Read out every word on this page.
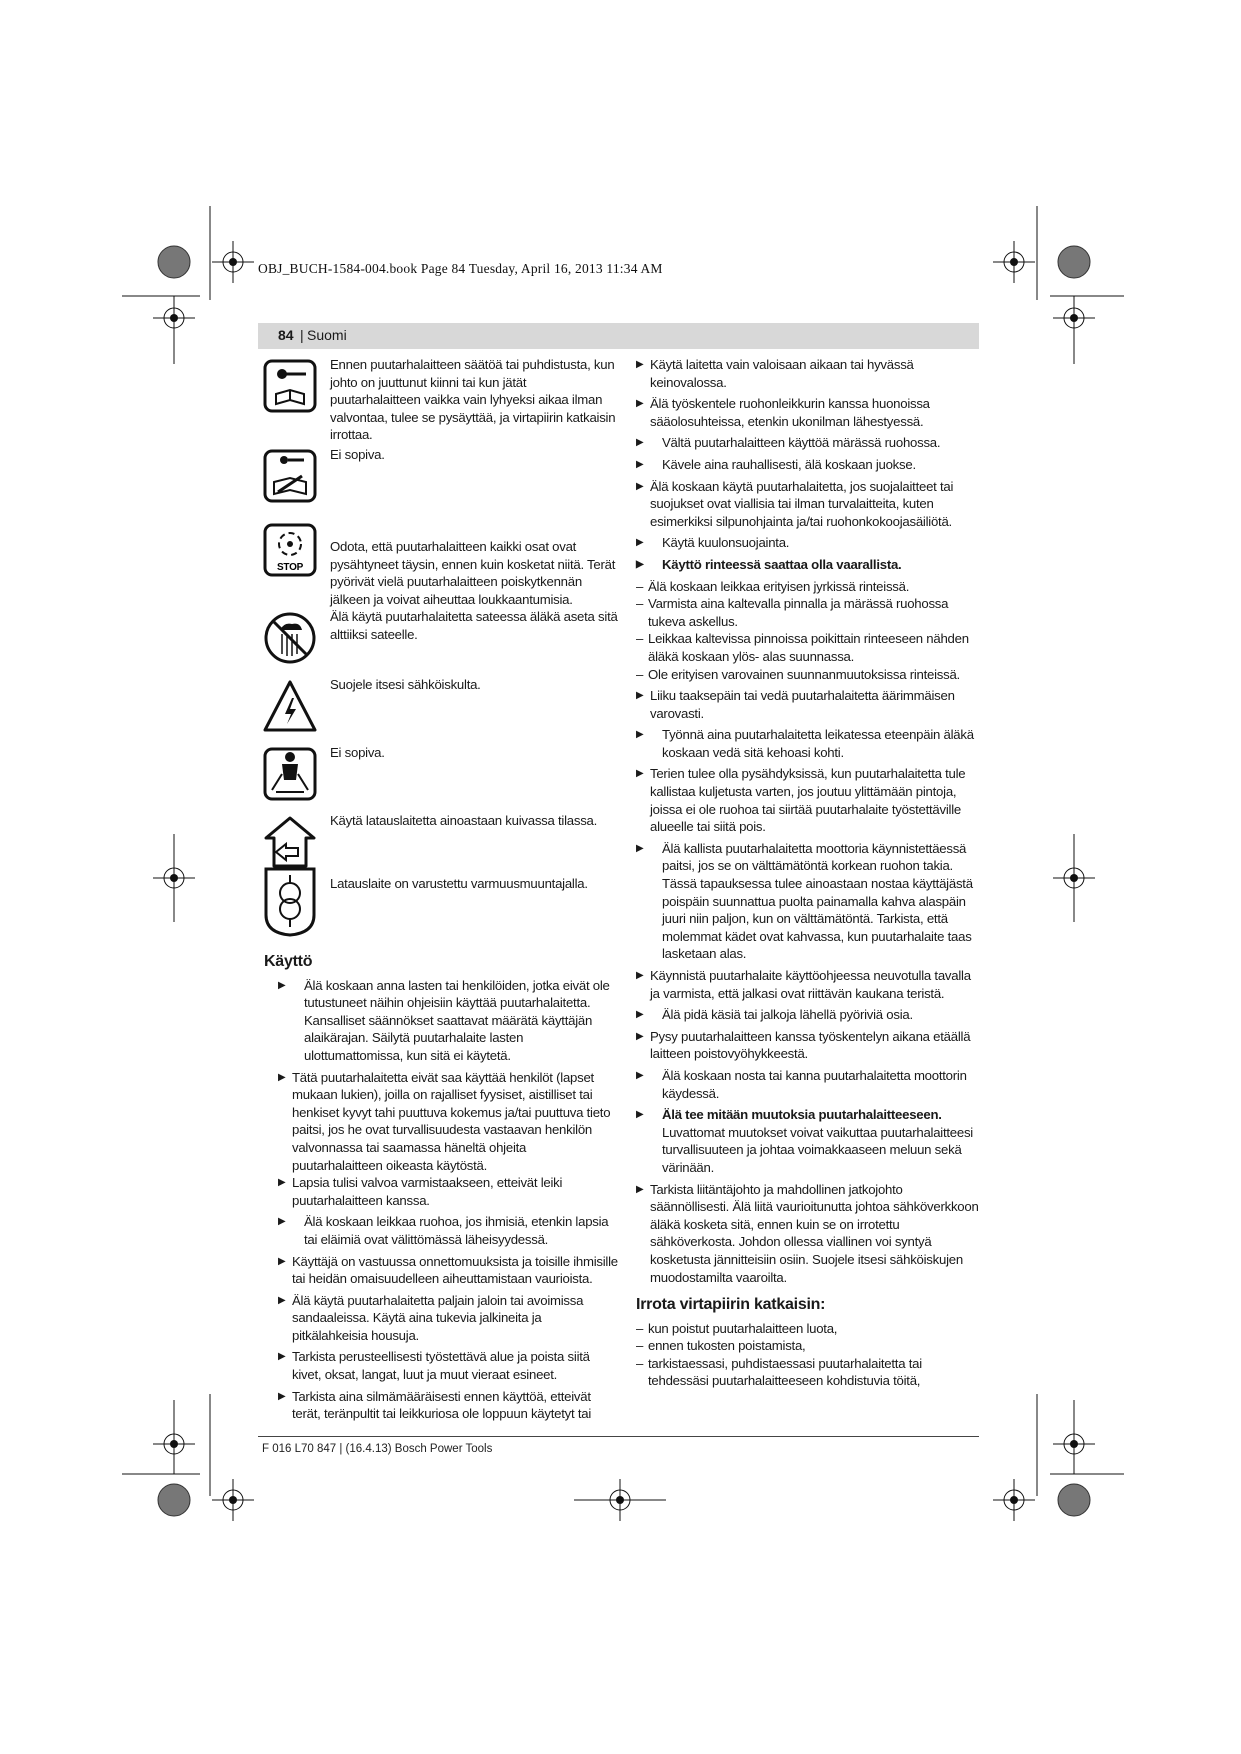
OBJ_BUCH-1584-004.book Page 84 Tuesday, April 16, 2013 11:34 AM
84 | Suomi
Ennen puutarhalaitteen säätöä tai puhdistusta, kun johto on juuttunut kiinni tai kun jätät puutarhalaitteen vaikka vain lyhyeksi aikaa ilman valvontaa, tulee se pysäyttää, ja virtapiirin katkaisin irrottaa.
Ei sopiva.
STOP
Odota, että puutarhalaitteen kaikki osat ovat pysähtyneet täysin, ennen kuin kosketat niitä. Terät pyörivät vielä puutarhalaitteen poiskytkennän jälkeen ja voivat aiheuttaa loukkaantumisia.
Älä käytä puutarhalaitetta sateessa äläkä aseta sitä alttiiksi sateelle.
Suojele itsesi sähköiskulta.
Ei sopiva.
Käytä latauslaitetta ainoastaan kuivassa tilassa.
Latauslaite on varustettu varmuusmuuntajalla.
Käyttö
▶ Älä koskaan anna lasten tai henkilöiden, jotka eivät ole tutustuneet näihin ohjeisiin käyttää puutarhalaitetta. Kansalliset säännökset saattavat määrätä käyttäjän alaikärajan. Säilytä puutarhalaite lasten ulottumattomissa, kun sitä ei käytetä.
▶ Tätä puutarhalaitetta eivät saa käyttää henkilöt (lapset mukaan lukien), joilla on rajalliset fyysiset, aistilliset tai henkiset kyvyt tahi puuttuva kokemus ja/tai puuttuva tieto paitsi, jos he ovat turvallisuudesta vastaavan henkilön valvonnassa tai saamassa häneltä ohjeita puutarhalaitteen oikeasta käytöstä.
▶ Lapsia tulisi valvoa varmistaakseen, etteivät leiki puutarhalaitteen kanssa.
▶ Älä koskaan leikkaa ruohoa, jos ihmisiä, etenkin lapsia tai eläimiä ovat välittömässä läheisyydessä.
▶ Käyttäjä on vastuussa onnettomuuksista ja toisille ihmisille tai heidän omaisuudelleen aiheuttamistaan vaurioista.
▶ Älä käytä puutarhalaitetta paljain jaloin tai avoimissa sandaaleissa. Käytä aina tukevia jalkineita ja pitkälahkeisia housuja.
▶ Tarkista perusteellisesti työstettävä alue ja poista siitä kivet, oksat, langat, luut ja muut vieraat esineet.
▶ Tarkista aina silmämääräisesti ennen käyttöä, etteivät terät, teränpultit tai leikkuriosa ole loppuun käytetyt tai
▶ Käytä laitetta vain valoisaan aikaan tai hyvässä keinovalossa.
▶ Älä työskentele ruohonleikkurin kanssa huonoissa sääolosuhteissa, etenkin ukonilman lähestyessä.
▶ Vältä puutarhalaitteen käyttöä märässä ruohossa.
▶ Kävele aina rauhallisesti, älä koskaan juokse.
▶ Älä koskaan käytä puutarhalaitetta, jos suojalaitteet tai suojukset ovat viallisia tai ilman turvalaitteita, kuten esimerkiksi silpunohjainta ja/tai ruohonkokoojasäiliötä.
▶ Käytä kuulonsuojainta.
▶ Käyttö rinteessä saattaa olla vaarallista.
– Älä koskaan leikkaa erityisen jyrkissä rinteissä.
– Varmista aina kaltevalla pinnalla ja märässä ruohossa tukeva askellus.
– Leikkaa kaltevissa pinnoissa poikittain rinteeseen nähden äläkä koskaan ylös- alas suunnassa.
– Ole erityisen varovainen suunnanmuutoksissa rinteissä.
▶ Liiku taaksepäin tai vedä puutarhalaitetta äärimmäisen varovasti.
▶ Työnnä aina puutarhalaitetta leikatessa eteenpäin äläkä koskaan vedä sitä kehoasi kohti.
▶ Terien tulee olla pysähdyksissä, kun puutarhalaitetta tule kallistaa kuljetusta varten, jos joutuu ylittämään pintoja, joissa ei ole ruohoa tai siirtää puutarhalaite työstettäville alueelle tai siitä pois.
▶ Älä kallista puutarhalaitetta moottoria käynnistettäessä paitsi, jos se on välttämätöntä korkean ruohon takia. Tässä tapauksessa tulee ainoastaan nostaa käyttäjästä poispäin suunnattua puolta painamalla kahva alaspäin juuri niin paljon, kun on välttämätöntä. Tarkista, että molemmat kädet ovat kahvassa, kun puutarhalaite taas lasketaan alas.
▶ Käynnistä puutarhalaite käyttöohjeessa neuvotulla tavalla ja varmista, että jalkasi ovat riittävän kaukana teristä.
▶ Älä pidä käsiä tai jalkoja lähellä pyöriviä osia.
▶ Pysy puutarhalaitteen kanssa työskentelyn aikana etäällä laitteen poistovyöhykkeestä.
▶ Älä koskaan nosta tai kanna puutarhalaitetta moottorin käydessä.
▶ Älä tee mitään muutoksia puutarhalaitteeseen. Luvattomat muutokset voivat vaikuttaa puutarhalaitteesi turvallisuuteen ja johtaa voimakkaaseen meluun sekä värinään.
▶ Tarkista liitäntäjohto ja mahdollinen jatkojohto säännöllisesti. Älä liitä vaurioitunutta johtoa sähköverkkoon äläkä kosketa sitä, ennen kuin se on irrotettu sähköverkosta. Johdon ollessa viallinen voi syntyä kosketusta jännitteisiin osiin. Suojele itsesi sähköiskujen muodostamilta vaaroilta.
Irrota virtapiirin katkaisin:
– kun poistut puutarhalaitteen luota,
– ennen tukosten poistamista,
– tarkistaessasi, puhdistaessasi puutarhalaitetta tai tehdessäsi puutarhalaitteeseen kohdistuvia töitä,
F 016 L70 847 | (16.4.13) Bosch Power Tools
